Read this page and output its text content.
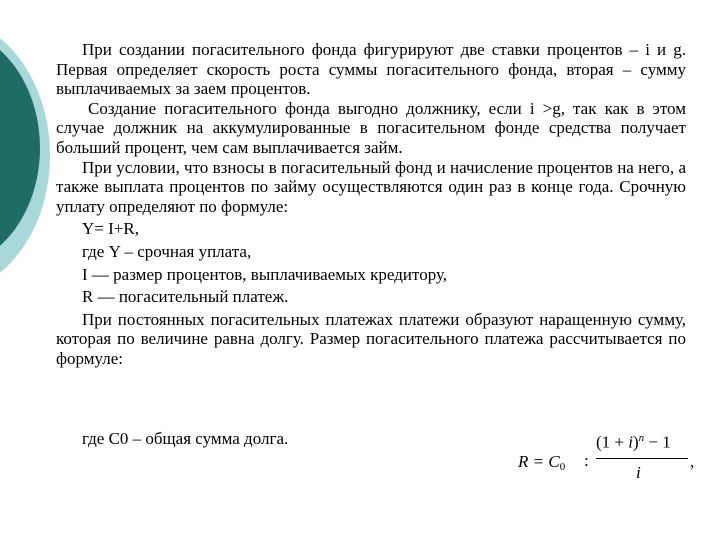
При создании погасительного фонда фигурируют две ставки процентов – i и g. Первая определяет скорость роста суммы погасительного фонда, вторая – сумму выплачиваемых за заем процентов.

Создание погасительного фонда выгодно должнику, если i >g, так как в этом случае должник на аккумулированные в погасительном фонде средства получает больший процент, чем сам выплачивается займ.

При условии, что взносы в погасительный фонд и начисление процентов на него, а также выплата процентов по займу осуществляются один раз в конце года. Срочную уплату определяют по формуле:

Y= I+R,

где Y – срочная уплата,

I — размер процентов, выплачиваемых кредитору,

R — погасительный платеж.

При постоянных погасительных платежах платежи образуют наращенную сумму, которая по величине равна долгу. Размер погасительного платежа рассчитывается по формуле:

где C0 – общая сумма долга.
$R = C_0$ :
$(1 + i)^n - 1$
i
,
